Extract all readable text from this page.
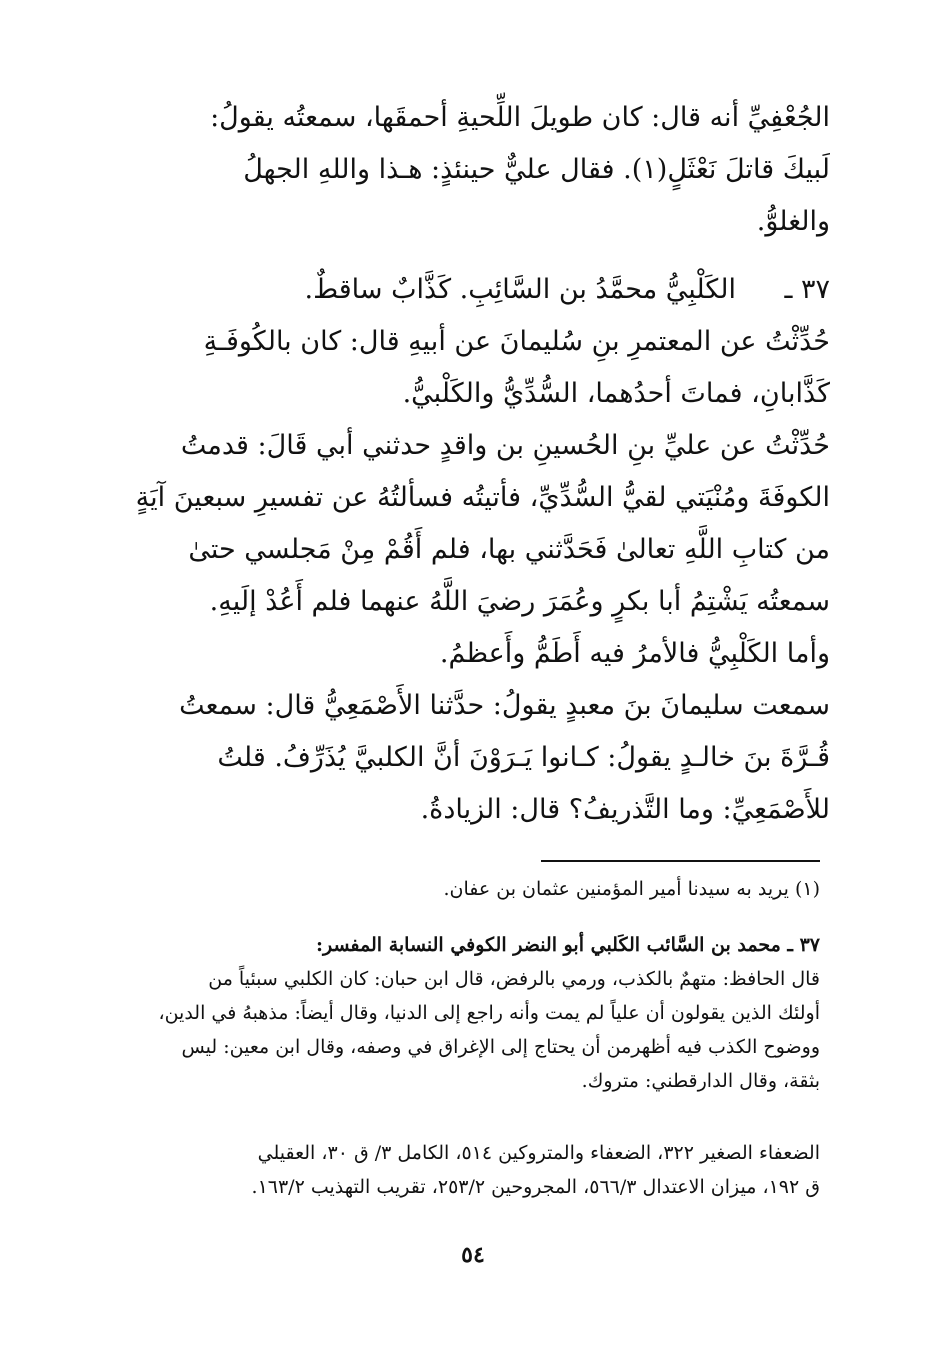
الجُعْفِيِّ أنه قال: كان طويلَ اللِّحيةِ أحمقَها، سمعتُه يقولُ:
لَبيكَ قاتلَ نَعْثَلٍ(١). فقال عليٌّ حينئذٍ: هـذا واللهِ الجهلُ
والغلوُّ.
٣٧ ـالكَلْبِيُّ محمَّدُ بن السَّائِبِ. كَذَّابٌ ساقطٌ.
حُدِّثْتُ عن المعتمرِ بنِ سُليمانَ عن أبيهِ قال: كان بالكُوفَـةِ
كَذَّابانِ، فماتَ أحدُهما، السُّدِّيُّ والكَلْبيُّ.
حُدِّثْتُ عن عليِّ بنِ الحُسينِ بن واقدٍ حدثني أبي قَالَ: قدمتُ
الكوفَةَ ومُنْيَتي لقيُّ السُّدِّيِّ، فأتيتُه فسألتُهُ عن تفسيرِ سبعينَ آيَةٍ
من كتابِ اللَّهِ تعالىٰ فَحَدَّثني بها، فلم أَقُمْ مِنْ مَجلسي حتىٰ
سمعتُه يَشْتِمُ أبا بكرٍ وعُمَرَ رضيَ اللَّهُ عنهما فلم أَعُدْ إلَيهِ.
وأما الكَلْبِيُّ فالأمرُ فيه أَطَمُّ وأَعظمُ.
سمعت سليمانَ بنَ معبدٍ يقولُ: حدَّثنا الأَصْمَعِيُّ قال: سمعتُ
قُـرَّةَ بنَ خالـدٍ يقولُ: كـانوا يَـرَوْنَ أنَّ الكلبيَّ يُذَرِّفُ. قلتُ
للأَصْمَعِيِّ: وما التَّذريفُ؟ قال: الزيادةُ.
(١) يريد به سيدنا أمير المؤمنين عثمان بن عفان.
٣٧ ـ محمد بن السَّائب الكَلبي أبو النضر الكوفي النسابة المفسر:
قال الحافظ: متهمٌ بالكذب، ورمي بالرفض، قال ابن حبان: كان الكلبي سبئياً من
أولئك الذين يقولون أن علياً لم يمت وأنه راجع إلى الدنيا، وقال أيضاً: مذهبهُ في الدين،
ووضوح الكذب فيه أظهرمن أن يحتاج إلى الإغراق في وصفه، وقال ابن معين: ليس
بثقة، وقال الدارقطني: متروك.
الضعفاء الصغير ٣٢٢، الضعفاء والمتروكين ٥١٤، الكامل ٣/ ق ٣٠، العقيلي
ق ١٩٢، ميزان الاعتدال ٥٦٦/٣، المجروحين ٢٥٣/٢، تقريب التهذيب ١٦٣/٢.
٥٤
